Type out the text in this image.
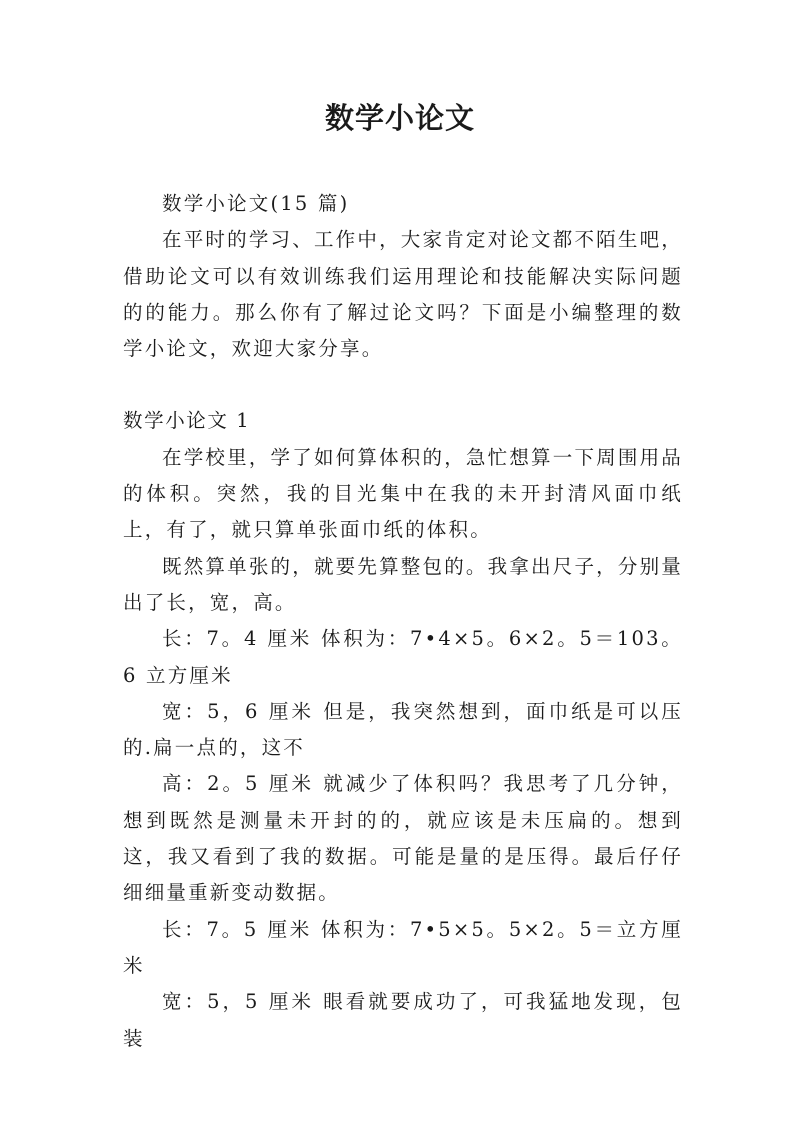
数学小论文

数学小论文(15 篇)

在平时的学习、工作中，大家肯定对论文都不陌生吧，借助论文可以有效训练我们运用理论和技能解决实际问题的的能力。那么你有了解过论文吗？下面是小编整理的数学小论文，欢迎大家分享。

数学小论文 1

在学校里，学了如何算体积的，急忙想算一下周围用品的体积。突然，我的目光集中在我的未开封清风面巾纸上，有了，就只算单张面巾纸的体积。

既然算单张的，就要先算整包的。我拿出尺子，分别量出了长，宽，高。

长：7。4 厘米 体积为：7•4×5。6×2。5＝103。6 立方厘米

宽：5，6 厘米 但是，我突然想到，面巾纸是可以压的.扁一点的，这不

高：2。5 厘米 就减少了体积吗？我思考了几分钟，想到既然是测量未开封的的，就应该是未压扁的。想到这，我又看到了我的数据。可能是量的是压得。最后仔仔细细量重新变动数据。

长：7。5 厘米 体积为：7•5×5。5×2。5＝立方厘米

宽：5，5 厘米 眼看就要成功了，可我猛地发现，包装
